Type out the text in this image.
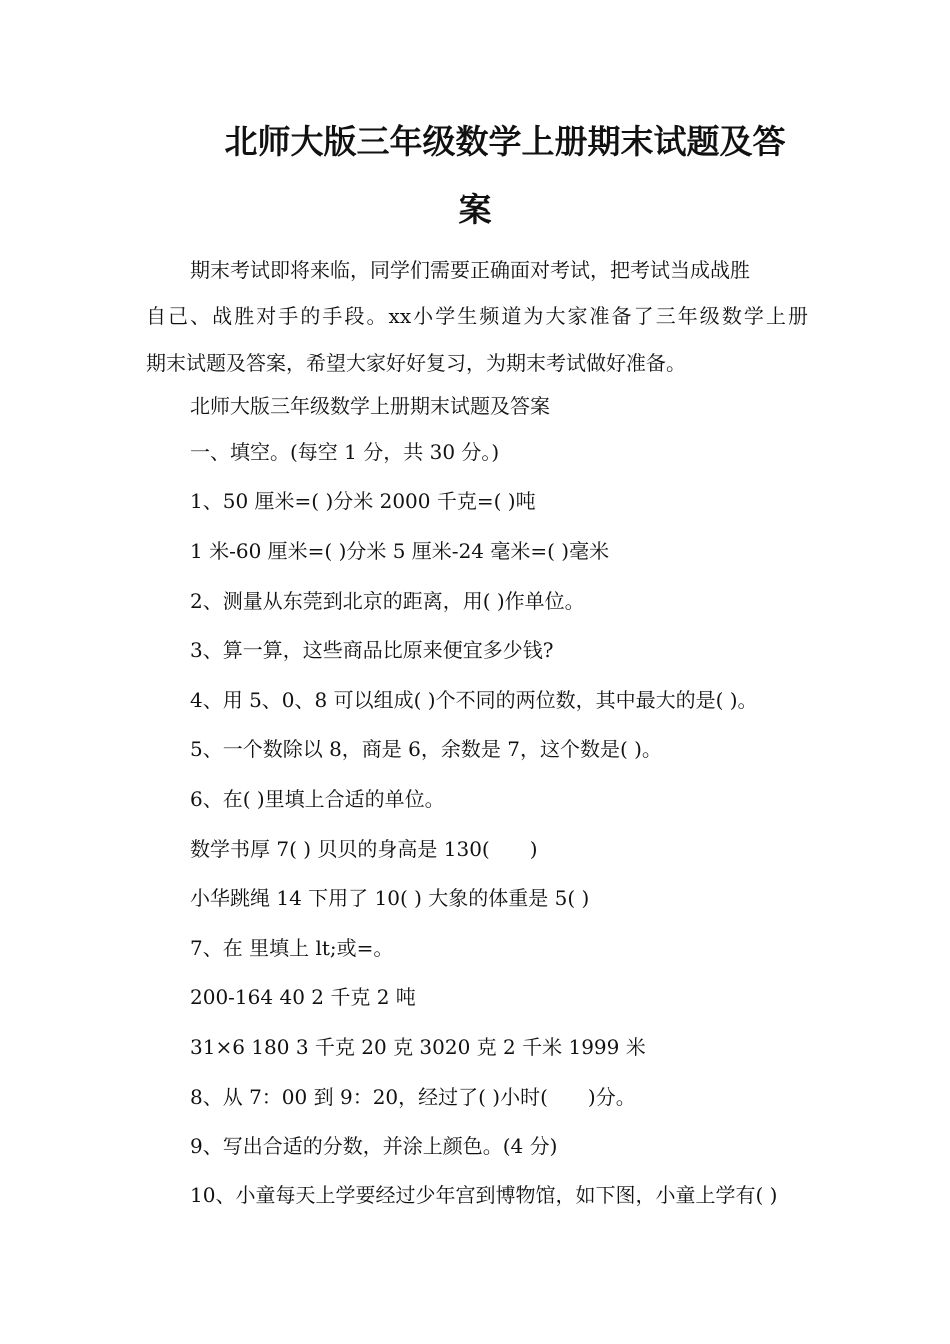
北师大版三年级数学上册期末试题及答
案

期末考试即将来临，同学们需要正确面对考试，把考试当成战胜

自己、战胜对手的手段。xx小学生频道为大家准备了三年级数学上册

期末试题及答案，希望大家好好复习，为期末考试做好准备。

北师大版三年级数学上册期末试题及答案

一、填空。(每空 1 分，共 30 分。)

1、50 厘米=( )分米 2000 千克=( )吨

1 米-60 厘米=( )分米 5 厘米-24 毫米=( )毫米

2、测量从东莞到北京的距离，用( )作单位。

3、算一算，这些商品比原来便宜多少钱?

4、用 5、0、8 可以组成( )个不同的两位数，其中最大的是( )。

5、一个数除以 8，商是 6，余数是 7，这个数是( )。

6、在( )里填上合适的单位。

数学书厚 7( ) 贝贝的身高是 130(　　)

小华跳绳 14 下用了 10( ) 大象的体重是 5( )

7、在 里填上 lt;或=。

200-164 40 2 千克 2 吨

31×6 180 3 千克 20 克 3020 克 2 千米 1999 米

8、从 7：00 到 9：20，经过了( )小时(　　)分。

9、写出合适的分数，并涂上颜色。(4 分)

10、小童每天上学要经过少年宫到博物馆，如下图，小童上学有( )
